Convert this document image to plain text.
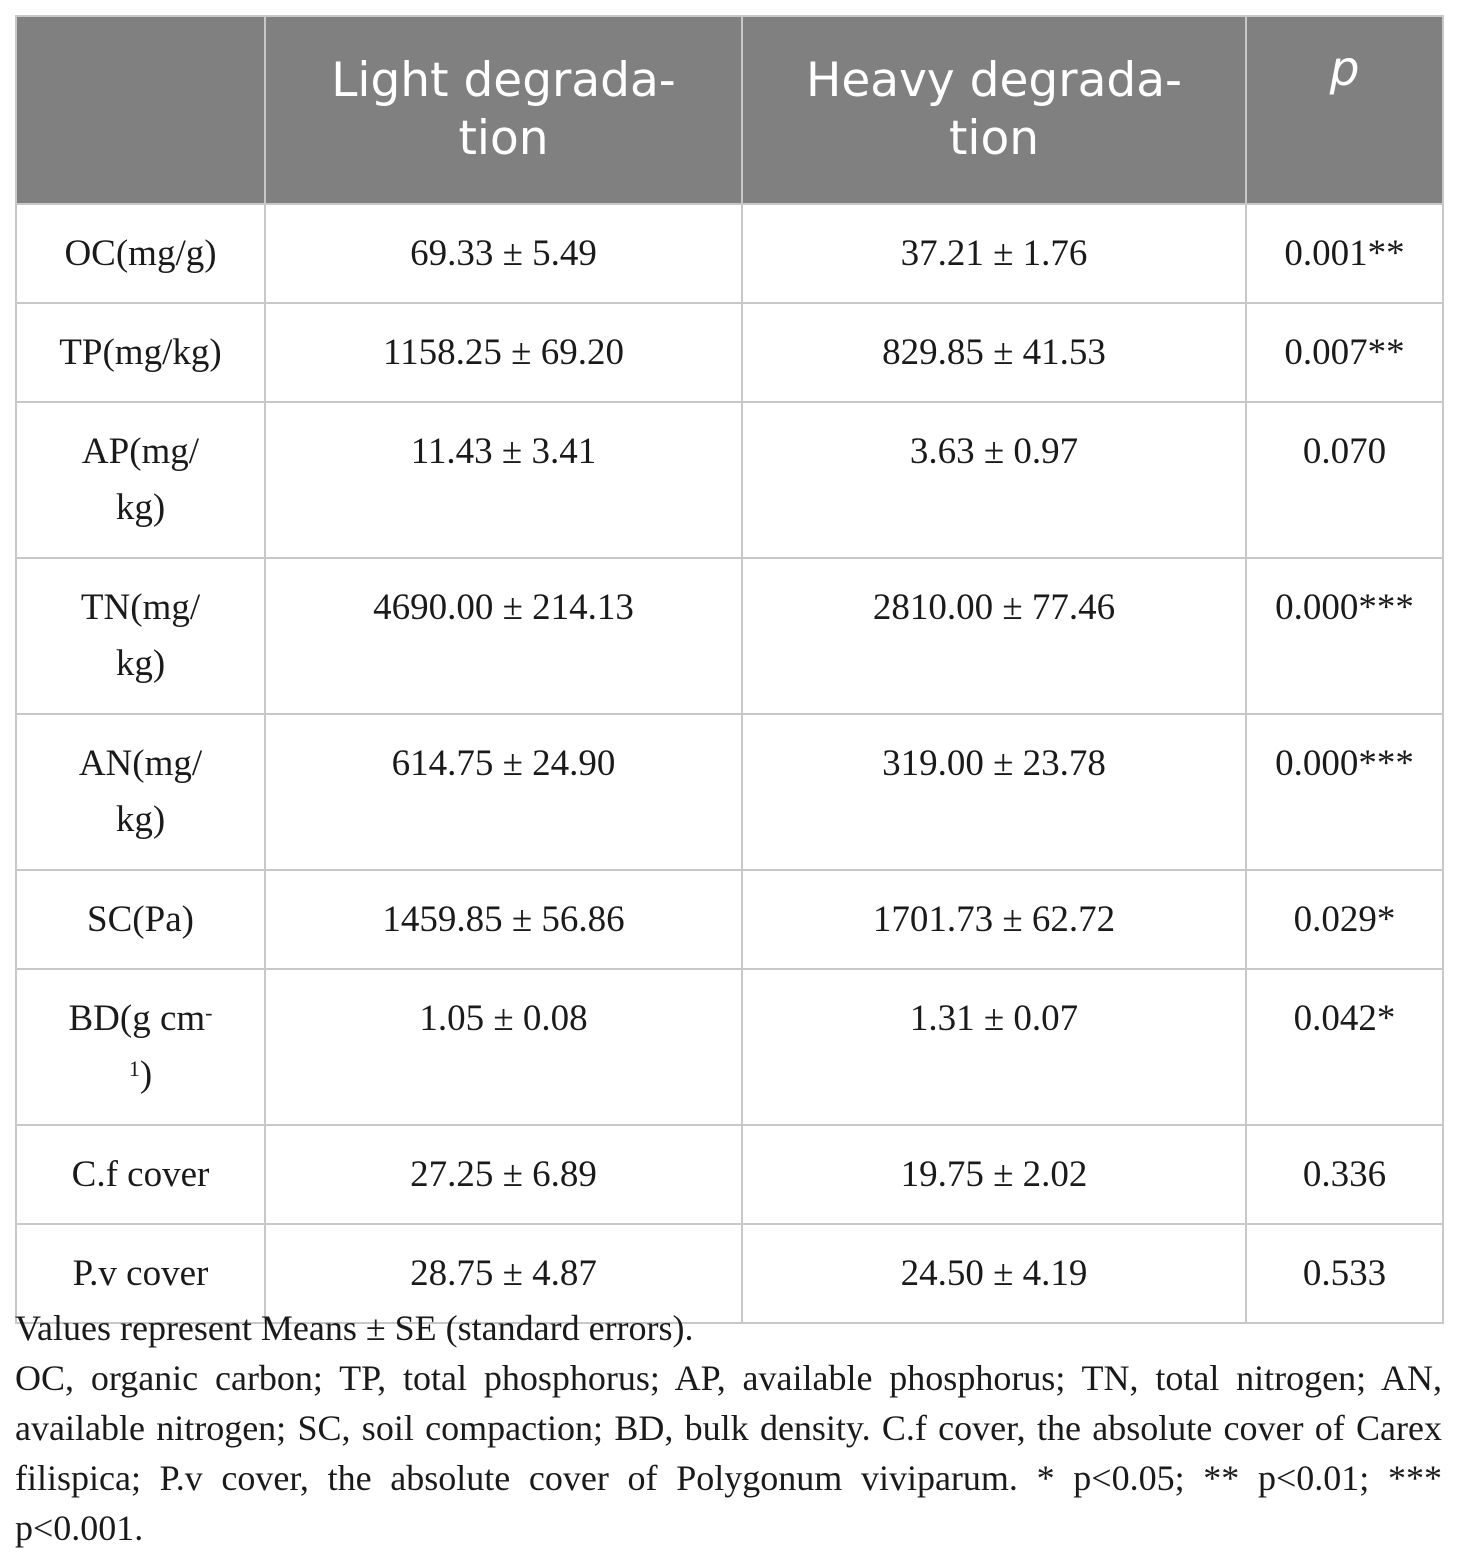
	Light degrada-
tion	Heavy degrada-
tion	p

OC(mg/g)	69.33 ± 5.49	37.21 ± 1.76	0.001**

TP(mg/kg)	1158.25 ± 69.20	829.85 ± 41.53	0.007**

AP(mg/
kg)	11.43 ± 3.41	3.63 ± 0.97	0.070

TN(mg/
kg)	4690.00 ± 214.13	2810.00 ± 77.46	0.000***

AN(mg/
kg)	614.75 ± 24.90	319.00 ± 23.78	0.000***

SC(Pa)	1459.85 ± 56.86	1701.73 ± 62.72	0.029*

BD(g cm-
$^1$)	1.05 ± 0.08	1.31 ± 0.07	0.042*

C.f cover	27.25 ± 6.89	19.75 ± 2.02	0.336

P.v cover	28.75 ± 4.87	24.50 ± 4.19	0.533

Values represent Means ± SE (standard errors).

OC, organic carbon; TP, total phosphorus; AP, available phosphorus; TN, total nitrogen; AN, available nitrogen; SC, soil compaction; BD, bulk density. C.f cover, the absolute cover of Carex filispica; P.v cover, the absolute cover of Polygonum viviparum. * p<0.05; ** p<0.01; *** p<0.001.
